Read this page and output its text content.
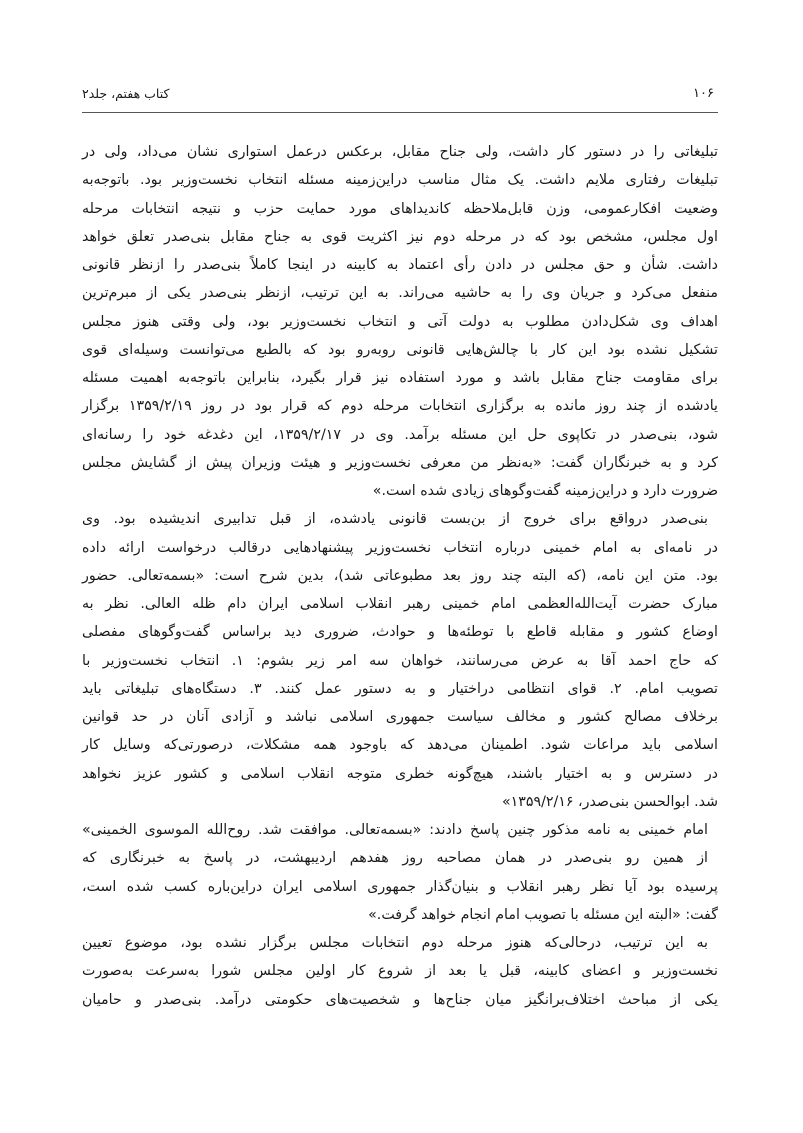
۱۰۶
کتاب هفتم، جلد۲
تبلیغاتی را در دستور کار داشت، ولی جناح مقابل، برعکس درعمل استواری نشان می‌داد، ولی در
تبلیغات رفتاری ملایم داشت. یک مثال مناسب دراین‌زمینه مسئله انتخاب نخست‌وزیر بود. باتوجه‌به
وضعیت افکارعمومی، وزن قابل‌ملاحظه کاندیداهای مورد حمایت حزب و نتیجه انتخابات مرحله
اول مجلس، مشخص بود که در مرحله دوم نیز اکثریت قوی به جناح مقابل بنی‌صدر تعلق خواهد
داشت. شأن و حق مجلس در دادن رأی اعتماد به کابینه در اینجا کاملاً بنی‌صدر را ازنظر قانونی
منفعل می‌کرد و جریان وی را به حاشیه می‌راند. به این ترتیب، ازنظر بنی‌صدر یکی از مبرم‌ترین
اهداف وی شکل‌دادن مطلوب به دولت آتی و انتخاب نخست‌وزیر بود، ولی وقتی هنوز مجلس
تشکیل نشده بود این کار با چالش‌هایی قانونی روبه‌رو بود که بالطبع می‌توانست وسیله‌ای قوی
برای مقاومت جناح مقابل باشد و مورد استفاده نیز قرار بگیرد، بنابراین باتوجه‌به اهمیت مسئله
یادشده از چند روز مانده به برگزاری انتخابات مرحله دوم که قرار بود در روز ۱۳۵۹/۲/۱۹ برگزار
شود، بنی‌صدر در تکاپوی حل این مسئله برآمد. وی در ۱۳۵۹/۲/۱۷، این دغدغه خود را رسانه‌ای
کرد و به خبرنگاران گفت: «به‌نظر من معرفی نخست‌وزیر و هیئت وزیران پیش از گشایش مجلس
ضرورت دارد و دراین‌زمینه گفت‌وگوهای زیادی شده است.»
بنی‌صدر درواقع برای خروج از بن‌بست قانونی یادشده، از قبل تدابیری اندیشیده بود. وی
در نامه‌ای به امام خمینی درباره انتخاب نخست‌وزیر پیشنهادهایی درقالب درخواست ارائه داده
بود. متن این نامه، (که البته چند روز بعد مطبوعاتی شد)، بدین شرح است: «بسمه‌تعالی. حضور
مبارک حضرت آیت‌الله‌العظمی امام خمینی رهبر انقلاب اسلامی ایران دام ظله العالی. نظر به
اوضاع کشور و مقابله قاطع با توطئه‌ها و حوادث، ضروری دید براساس گفت‌وگوهای مفصلی
که حاج احمد آقا به عرض می‌رسانند، خواهان سه امر زیر بشوم: ۱. انتخاب نخست‌وزیر با
تصویب امام. ۲. قوای انتظامی دراختیار و به دستور عمل کنند. ۳. دستگاه‌های تبلیغاتی باید
برخلاف مصالح کشور و مخالف سیاست جمهوری اسلامی نباشد و آزادی آنان در حد قوانین
اسلامی باید مراعات شود. اطمینان می‌دهد که باوجود همه مشکلات، درصورتی‌که وسایل کار
در دسترس و به اختیار باشند، هیچ‌گونه خطری متوجه انقلاب اسلامی و کشور عزیز نخواهد
شد. ابوالحسن بنی‌صدر، ۱۳۵۹/۲/۱۶»
امام خمینی به نامه مذکور چنین پاسخ دادند: «بسمه‌تعالی. موافقت شد. روح‌الله الموسوی الخمینی»
از همین رو بنی‌صدر در همان مصاحبه روز هفدهم اردیبهشت، در پاسخ به خبرنگاری که
پرسیده بود آیا نظر رهبر انقلاب و بنیان‌گذار جمهوری اسلامی ایران دراین‌باره کسب شده است،
گفت: «البته این مسئله با تصویب امام انجام خواهد گرفت.»
به این ترتیب، درحالی‌که هنوز مرحله دوم انتخابات مجلس برگزار نشده بود، موضوع تعیین
نخست‌وزیر و اعضای کابینه، قبل یا بعد از شروع کار اولین مجلس شورا به‌سرعت به‌صورت
یکی از مباحث اختلاف‌برانگیز میان جناح‌ها و شخصیت‌های حکومتی درآمد. بنی‌صدر و حامیان
